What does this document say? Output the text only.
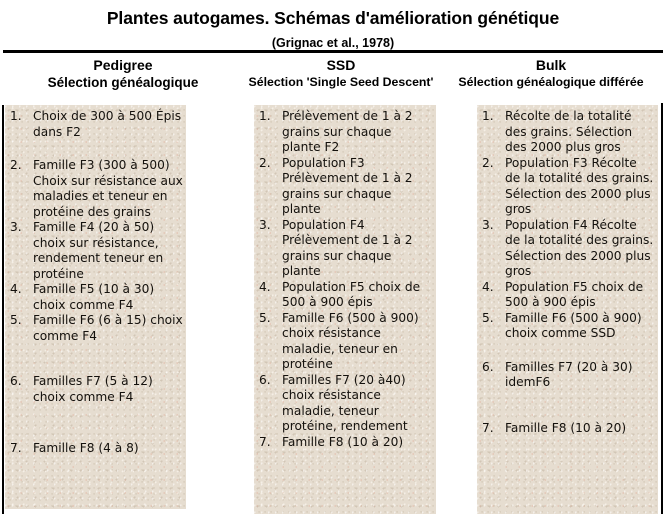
Plantes autogames. Schémas d'amélioration génétique
(Grignac et al., 1978)
Pedigree
Sélection généalogique
SSD
Sélection 'Single Seed Descent'
Bulk
Sélection généalogique différée
1. Choix de 300 à 500 Épis dans F2
2. Famille F3 (300 à 500) Choix sur résistance aux maladies et teneur en protéine des grains
3. Famille F4 (20 à 50) choix sur résistance, rendement teneur en protéine
4. Famille F5 (10 à 30) choix comme F4
5. Famille F6 (6 à 15) choix comme F4
6. Familles F7 (5 à 12) choix comme F4
7. Famille F8 (4 à 8)
1. Prélèvement de 1 à 2 grains sur chaque plante F2
2. Population F3 Prélèvement de 1 à 2 grains sur chaque plante
3. Population F4 Prélèvement de 1 à 2 grains sur chaque plante
4. Population F5 choix de 500 à 900 épis
5. Famille F6 (500 à 900) choix résistance maladie, teneur en protéine
6. Familles F7 (20 à40) choix résistance maladie, teneur protéine, rendement
7. Famille F8 (10 à 20)
1. Récolte de la totalité des grains. Sélection des 2000 plus gros
2. Population F3 Récolte de la totalité des grains. Sélection des 2000 plus gros
3. Population F4 Récolte de la totalité des grains. Sélection des 2000 plus gros
4. Population F5 choix de 500 à 900 épis
5. Famille F6 (500 à 900) choix comme SSD
6. Familles F7 (20 à 30) idemF6
7. Famille F8 (10 à 20)
